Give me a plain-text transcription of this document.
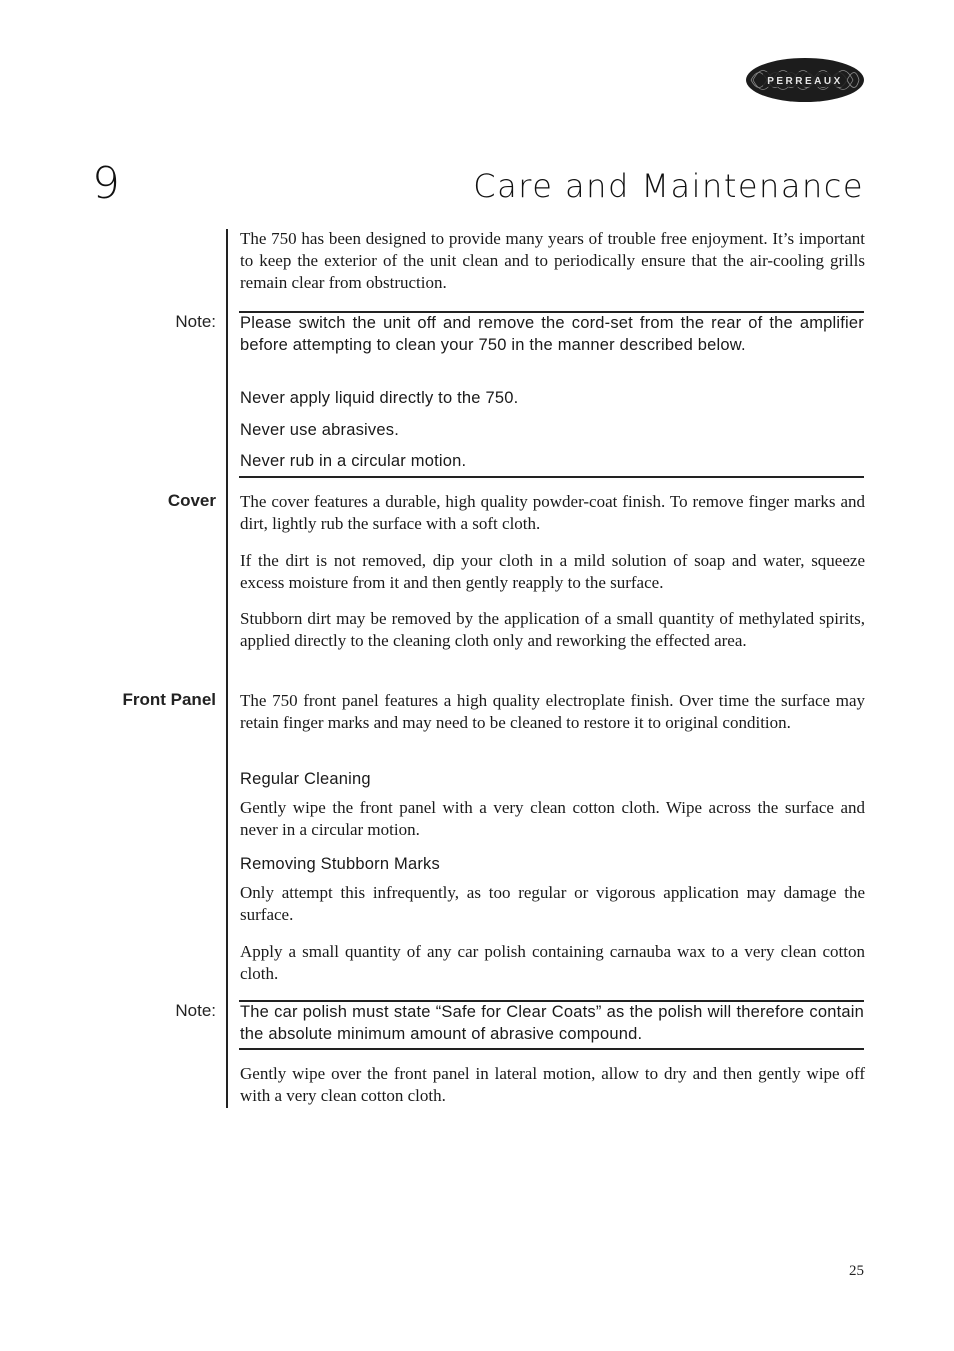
PERREAUX
9	Care and Maintenance
The 750 has been designed to provide many years of trouble free enjoyment. It’s important to keep the exterior of the unit clean and to periodically ensure that the air-cooling grills remain clear from obstruction.
Note: Please switch the unit off and remove the cord-set from the rear of the amplifier before attempting to clean your 750 in the manner described below.
Never apply liquid directly to the 750.
Never use abrasives.
Never rub in a circular motion.
Cover The cover features a durable, high quality powder-coat finish. To remove finger marks and dirt, lightly rub the surface with a soft cloth.
If the dirt is not removed, dip your cloth in a mild solution of soap and water, squeeze excess moisture from it and then gently reapply to the surface.
Stubborn dirt may be removed by the application of a small quantity of methylated spirits, applied directly to the cleaning cloth only and reworking the effected area.
Front Panel The 750 front panel features a high quality electroplate finish. Over time the surface may retain finger marks and may need to be cleaned to restore it to original condition.
Regular Cleaning
Gently wipe the front panel with a very clean cotton cloth. Wipe across the surface and never in a circular motion.
Removing Stubborn Marks
Only attempt this infrequently, as too regular or vigorous application may damage the surface.
Apply a small quantity of any car polish containing carnauba wax to a very clean cotton cloth.
Note: The car polish must state “Safe for Clear Coats” as the polish will therefore contain the absolute minimum amount of abrasive compound.
Gently wipe over the front panel in lateral motion, allow to dry and then gently wipe off with a very clean cotton cloth.
25
